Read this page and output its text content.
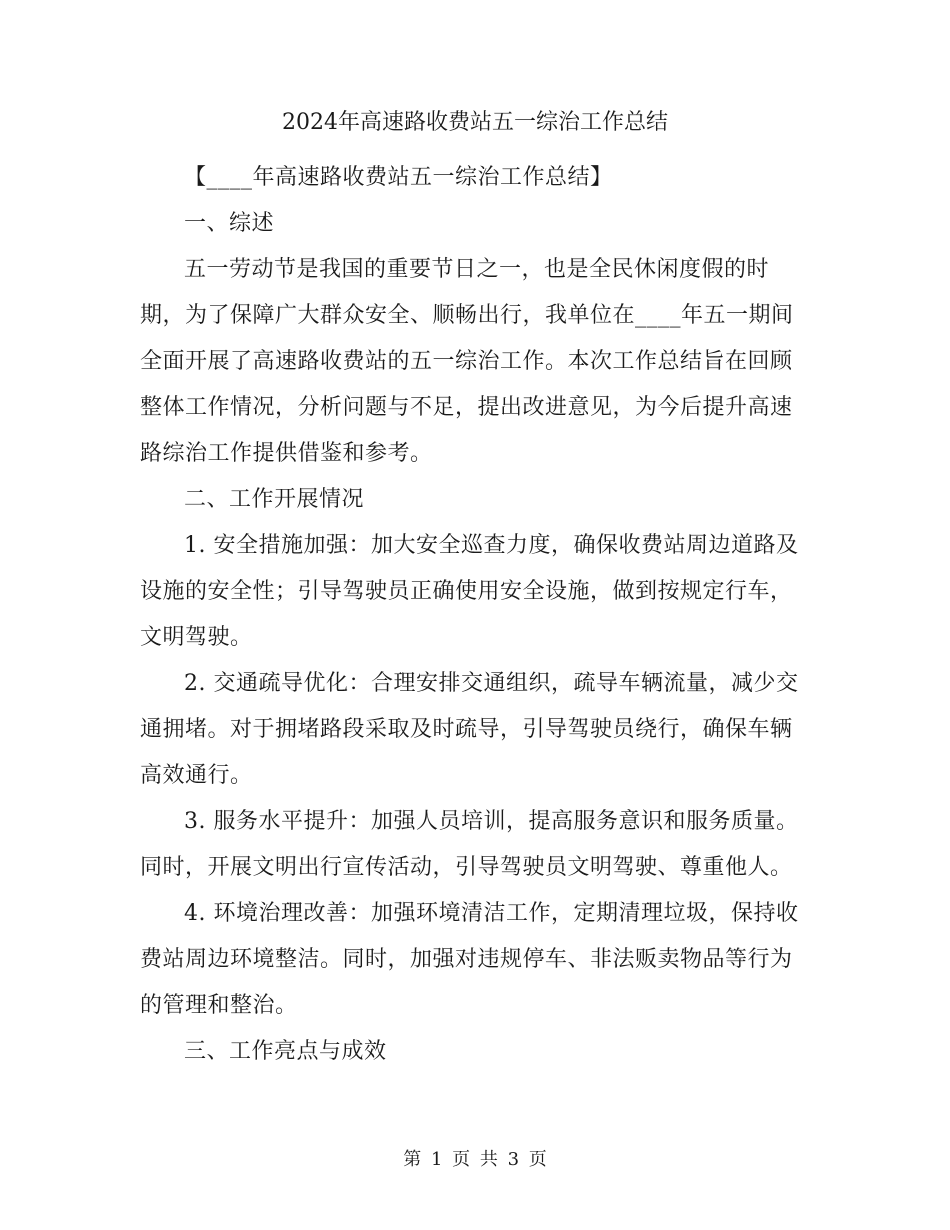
2024年高速路收费站五一综治工作总结

【____年高速路收费站五一综治工作总结】

一、综述

五一劳动节是我国的重要节日之一，也是全民休闲度假的时期，为了保障广大群众安全、顺畅出行，我单位在____年五一期间全面开展了高速路收费站的五一综治工作。本次工作总结旨在回顾整体工作情况，分析问题与不足，提出改进意见，为今后提升高速路综治工作提供借鉴和参考。

二、工作开展情况

1. 安全措施加强：加大安全巡查力度，确保收费站周边道路及设施的安全性；引导驾驶员正确使用安全设施，做到按规定行车，文明驾驶。

2. 交通疏导优化：合理安排交通组织，疏导车辆流量，减少交通拥堵。对于拥堵路段采取及时疏导，引导驾驶员绕行，确保车辆高效通行。

3. 服务水平提升：加强人员培训，提高服务意识和服务质量。同时，开展文明出行宣传活动，引导驾驶员文明驾驶、尊重他人。

4. 环境治理改善：加强环境清洁工作，定期清理垃圾，保持收费站周边环境整洁。同时，加强对违规停车、非法贩卖物品等行为的管理和整治。

三、工作亮点与成效

第 1 页 共 3 页
